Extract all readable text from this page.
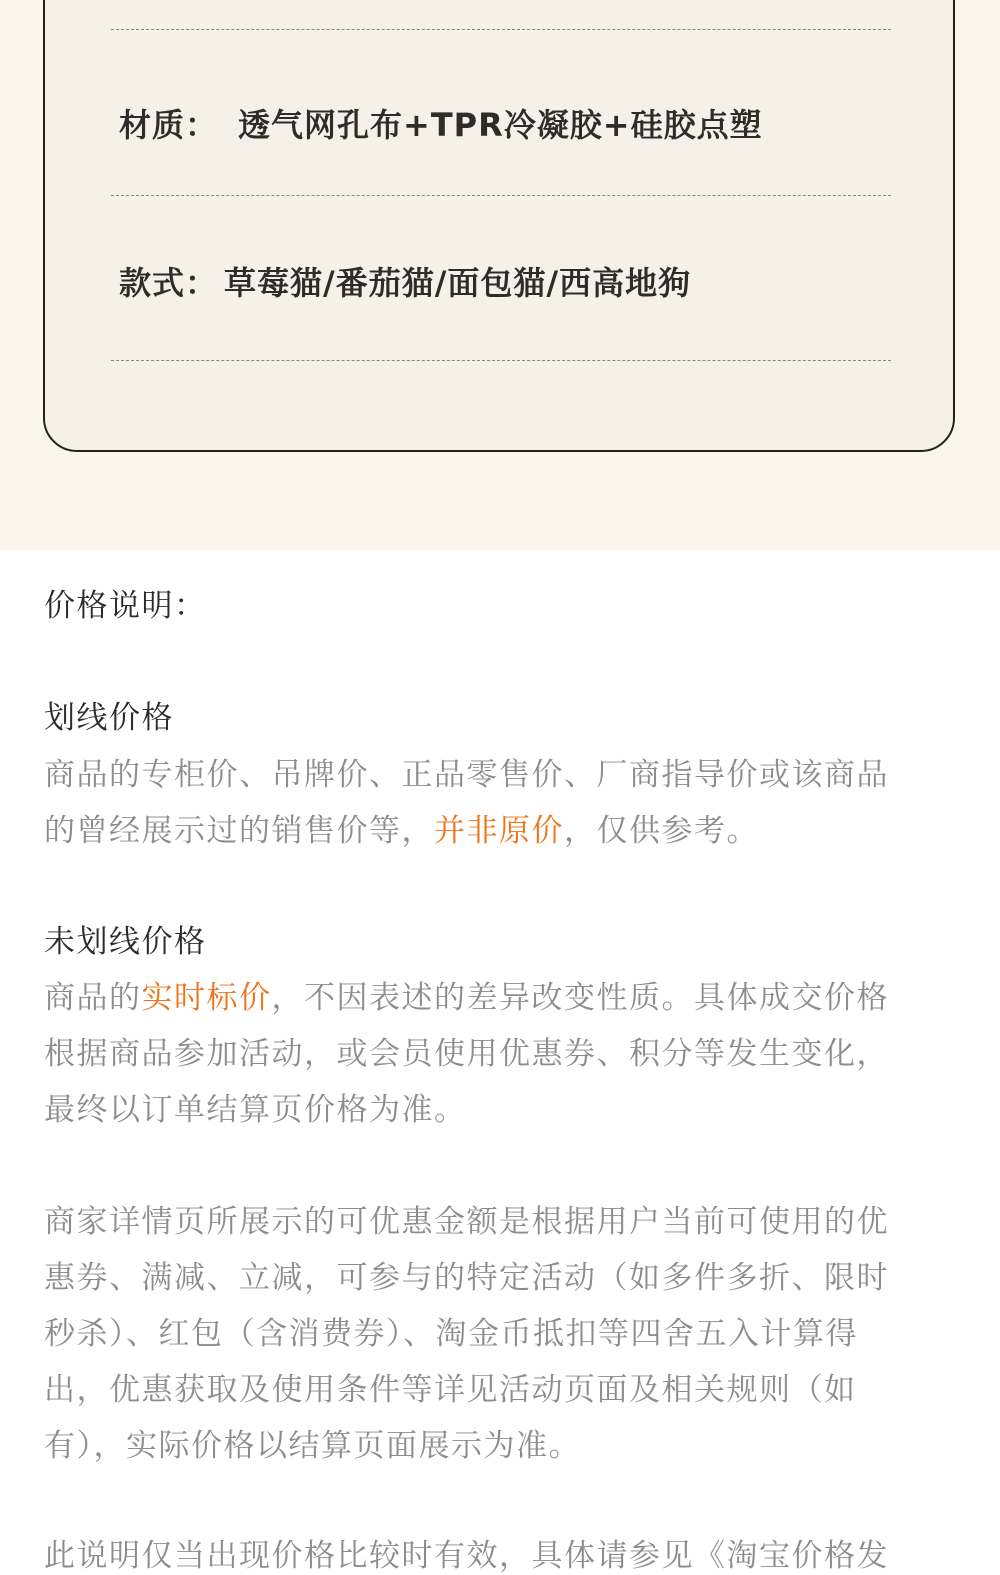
材质： 透气网孔布+TPR冷凝胶+硅胶点塑
款式： 草莓猫/番茄猫/面包猫/西高地狗
价格说明：
划线价格
商品的专柜价、吊牌价、正品零售价、厂商指导价或该商品
的曾经展示过的销售价等，并非原价，仅供参考。
未划线价格
商品的实时标价，不因表述的差异改变性质。具体成交价格
根据商品参加活动，或会员使用优惠券、积分等发生变化，
最终以订单结算页价格为准。
商家详情页所展示的可优惠金额是根据用户当前可使用的优
惠券、满减、立减，可参与的特定活动（如多件多折、限时
秒杀）、红包（含消费券）、淘金币抵扣等四舍五入计算得
出，优惠获取及使用条件等详见活动页面及相关规则（如
有），实际价格以结算页面展示为准。
此说明仅当出现价格比较时有效，具体请参见《淘宝价格发
